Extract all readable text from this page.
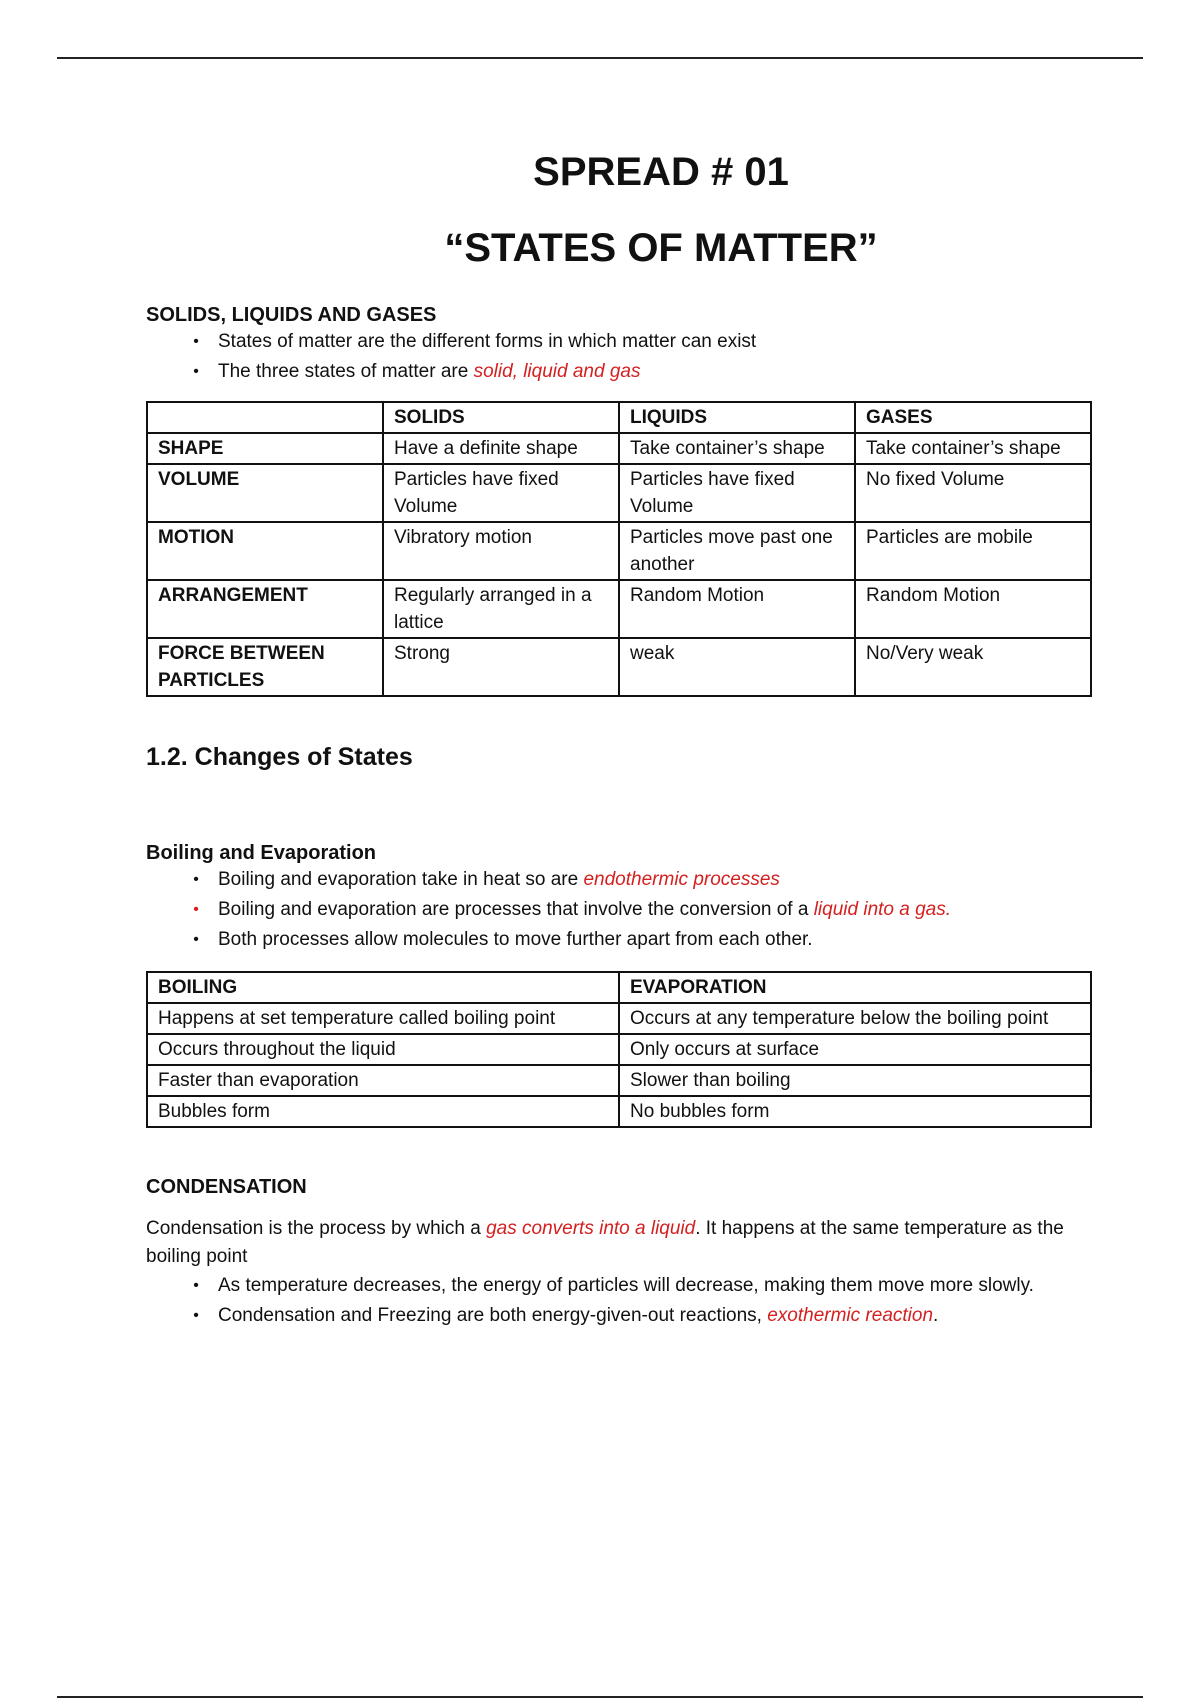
SPREAD # 01
“STATES OF MATTER”
SOLIDS, LIQUIDS AND GASES
•	States of matter are the different forms in which matter can exist
•	The three states of matter are solid, liquid and gas
	SOLIDS	LIQUIDS	GASES
SHAPE	Have a definite shape	Take container’s shape	Take container’s shape
VOLUME	Particles have fixed Volume	Particles have fixed Volume	No fixed Volume
MOTION	Vibratory motion	Particles move past one another	Particles are mobile
ARRANGEMENT	Regularly arranged in a lattice	Random Motion	Random Motion
FORCE BETWEEN PARTICLES	Strong	weak	No/Very weak
1.2. Changes of States
Boiling and Evaporation
•	Boiling and evaporation take in heat so are endothermic processes
•	Boiling and evaporation are processes that involve the conversion of a liquid into a gas.
•	Both processes allow molecules to move further apart from each other.
BOILING	EVAPORATION
Happens at set temperature called boiling point	Occurs at any temperature below the boiling point
Occurs throughout the liquid	Only occurs at surface
Faster than evaporation	Slower than boiling
Bubbles form	No bubbles form
CONDENSATION

Condensation is the process by which a gas converts into a liquid. It happens at the same temperature as the boiling point

•	As temperature decreases, the energy of particles will decrease, making them move more slowly.
•	Condensation and Freezing are both energy-given-out reactions, exothermic reaction.
